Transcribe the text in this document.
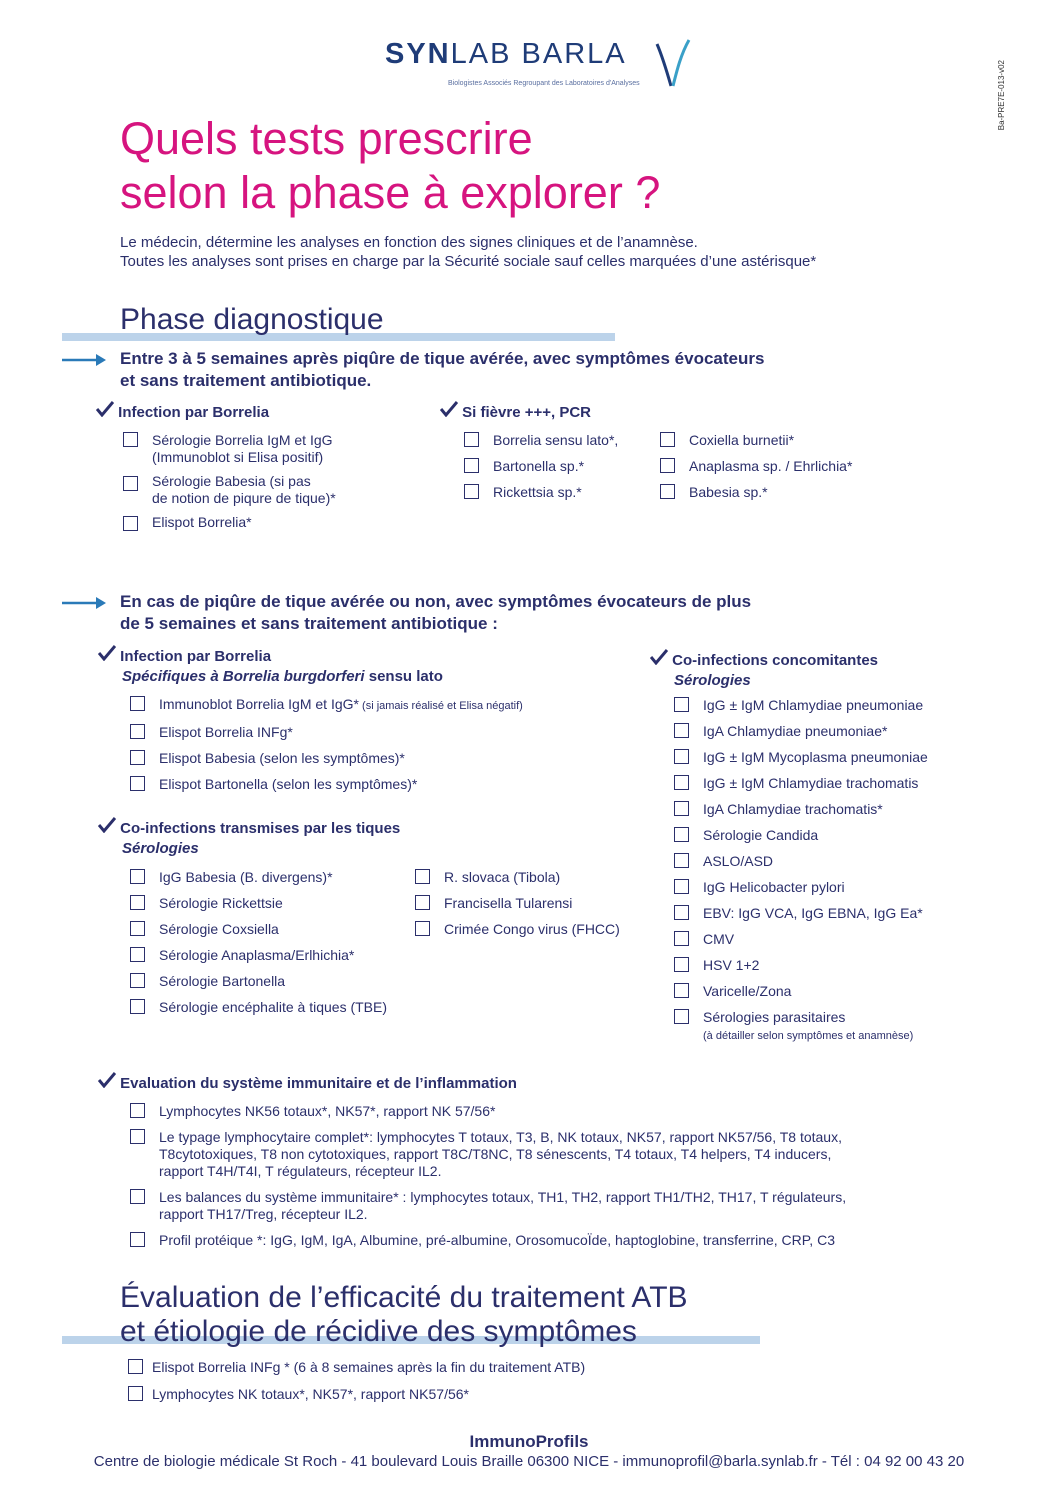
SYNLAB BARLA
Biologistes Associés Regroupant des Laboratoires d'Analyses	Ba-PRE7E-013-v02
Quels tests prescrire
selon la phase à explorer ?
Le médecin, détermine les analyses en fonction des signes cliniques et de l’anamnèse.
Toutes les analyses sont prises en charge par la Sécurité sociale sauf celles marquées d’une astérisque*
Phase diagnostique
Entre 3 à 5 semaines après piqûre de tique avérée, avec symptômes évocateurs
et sans traitement antibiotique.
Infection par Borrelia
Sérologie Borrelia IgM et IgG
(Immunoblot si Elisa positif)
Sérologie Babesia (si pas
de notion de piqure de tique)*
Elispot Borrelia*
Si fièvre +++, PCR
Borrelia sensu lato*,
Bartonella sp.*
Rickettsia sp.*
Coxiella burnetii*
Anaplasma sp. / Ehrlichia*
Babesia sp.*
En cas de piqûre de tique avérée ou non, avec symptômes évocateurs de plus
de 5 semaines et sans traitement antibiotique :
Infection par Borrelia
Spécifiques à Borrelia burgdorferi sensu lato
Immunoblot Borrelia IgM et IgG* (si jamais réalisé et Elisa négatif)
Elispot Borrelia INFg*
Elispot Babesia (selon les symptômes)*
Elispot Bartonella (selon les symptômes)*
Co-infections transmises par les tiques
Sérologies
IgG Babesia (B. divergens)*
Sérologie Rickettsie
Sérologie Coxsiella
Sérologie Anaplasma/Erlhichia*
Sérologie Bartonella
Sérologie encéphalite à tiques (TBE)
R. slovaca (Tibola)
Francisella Tularensi
Crimée Congo virus (FHCC)
Co-infections concomitantes
Sérologies
IgG ± IgM Chlamydiae pneumoniae
IgA Chlamydiae pneumoniae*
IgG ± IgM Mycoplasma pneumoniae
IgG ± IgM Chlamydiae trachomatis
IgA Chlamydiae trachomatis*
Sérologie Candida
ASLO/ASD
IgG Helicobacter pylori
EBV: IgG VCA, IgG EBNA, IgG Ea*
CMV
HSV 1+2
Varicelle/Zona
Sérologies parasitaires
(à détailler selon symptômes et anamnèse)
Evaluation du système immunitaire et de l’inflammation
Lymphocytes NK56 totaux*, NK57*, rapport NK 57/56*
Le typage lymphocytaire complet*: lymphocytes T totaux, T3, B, NK totaux, NK57, rapport NK57/56, T8 totaux,
T8cytotoxiques, T8 non cytotoxiques, rapport T8C/T8NC, T8 sénescents, T4 totaux, T4 helpers, T4 inducers,
rapport T4H/T4I, T régulateurs, récepteur IL2.
Les balances du système immunitaire* : lymphocytes totaux, TH1, TH2, rapport TH1/TH2, TH17, T régulateurs,
rapport TH17/Treg, récepteur IL2.
Profil protéique *: IgG, IgM, IgA, Albumine, pré-albumine, OrosomucoÏde, haptoglobine, transferrine, CRP, C3
Évaluation de l’efficacité du traitement ATB
et étiologie de récidive des symptômes
Elispot Borrelia INFg * (6 à 8 semaines après la fin du traitement ATB)
Lymphocytes NK totaux*, NK57*, rapport NK57/56*
ImmunoProfils
Centre de biologie médicale St Roch - 41 boulevard Louis Braille 06300 NICE - immunoprofil@barla.synlab.fr - Tél : 04 92 00 43 20
